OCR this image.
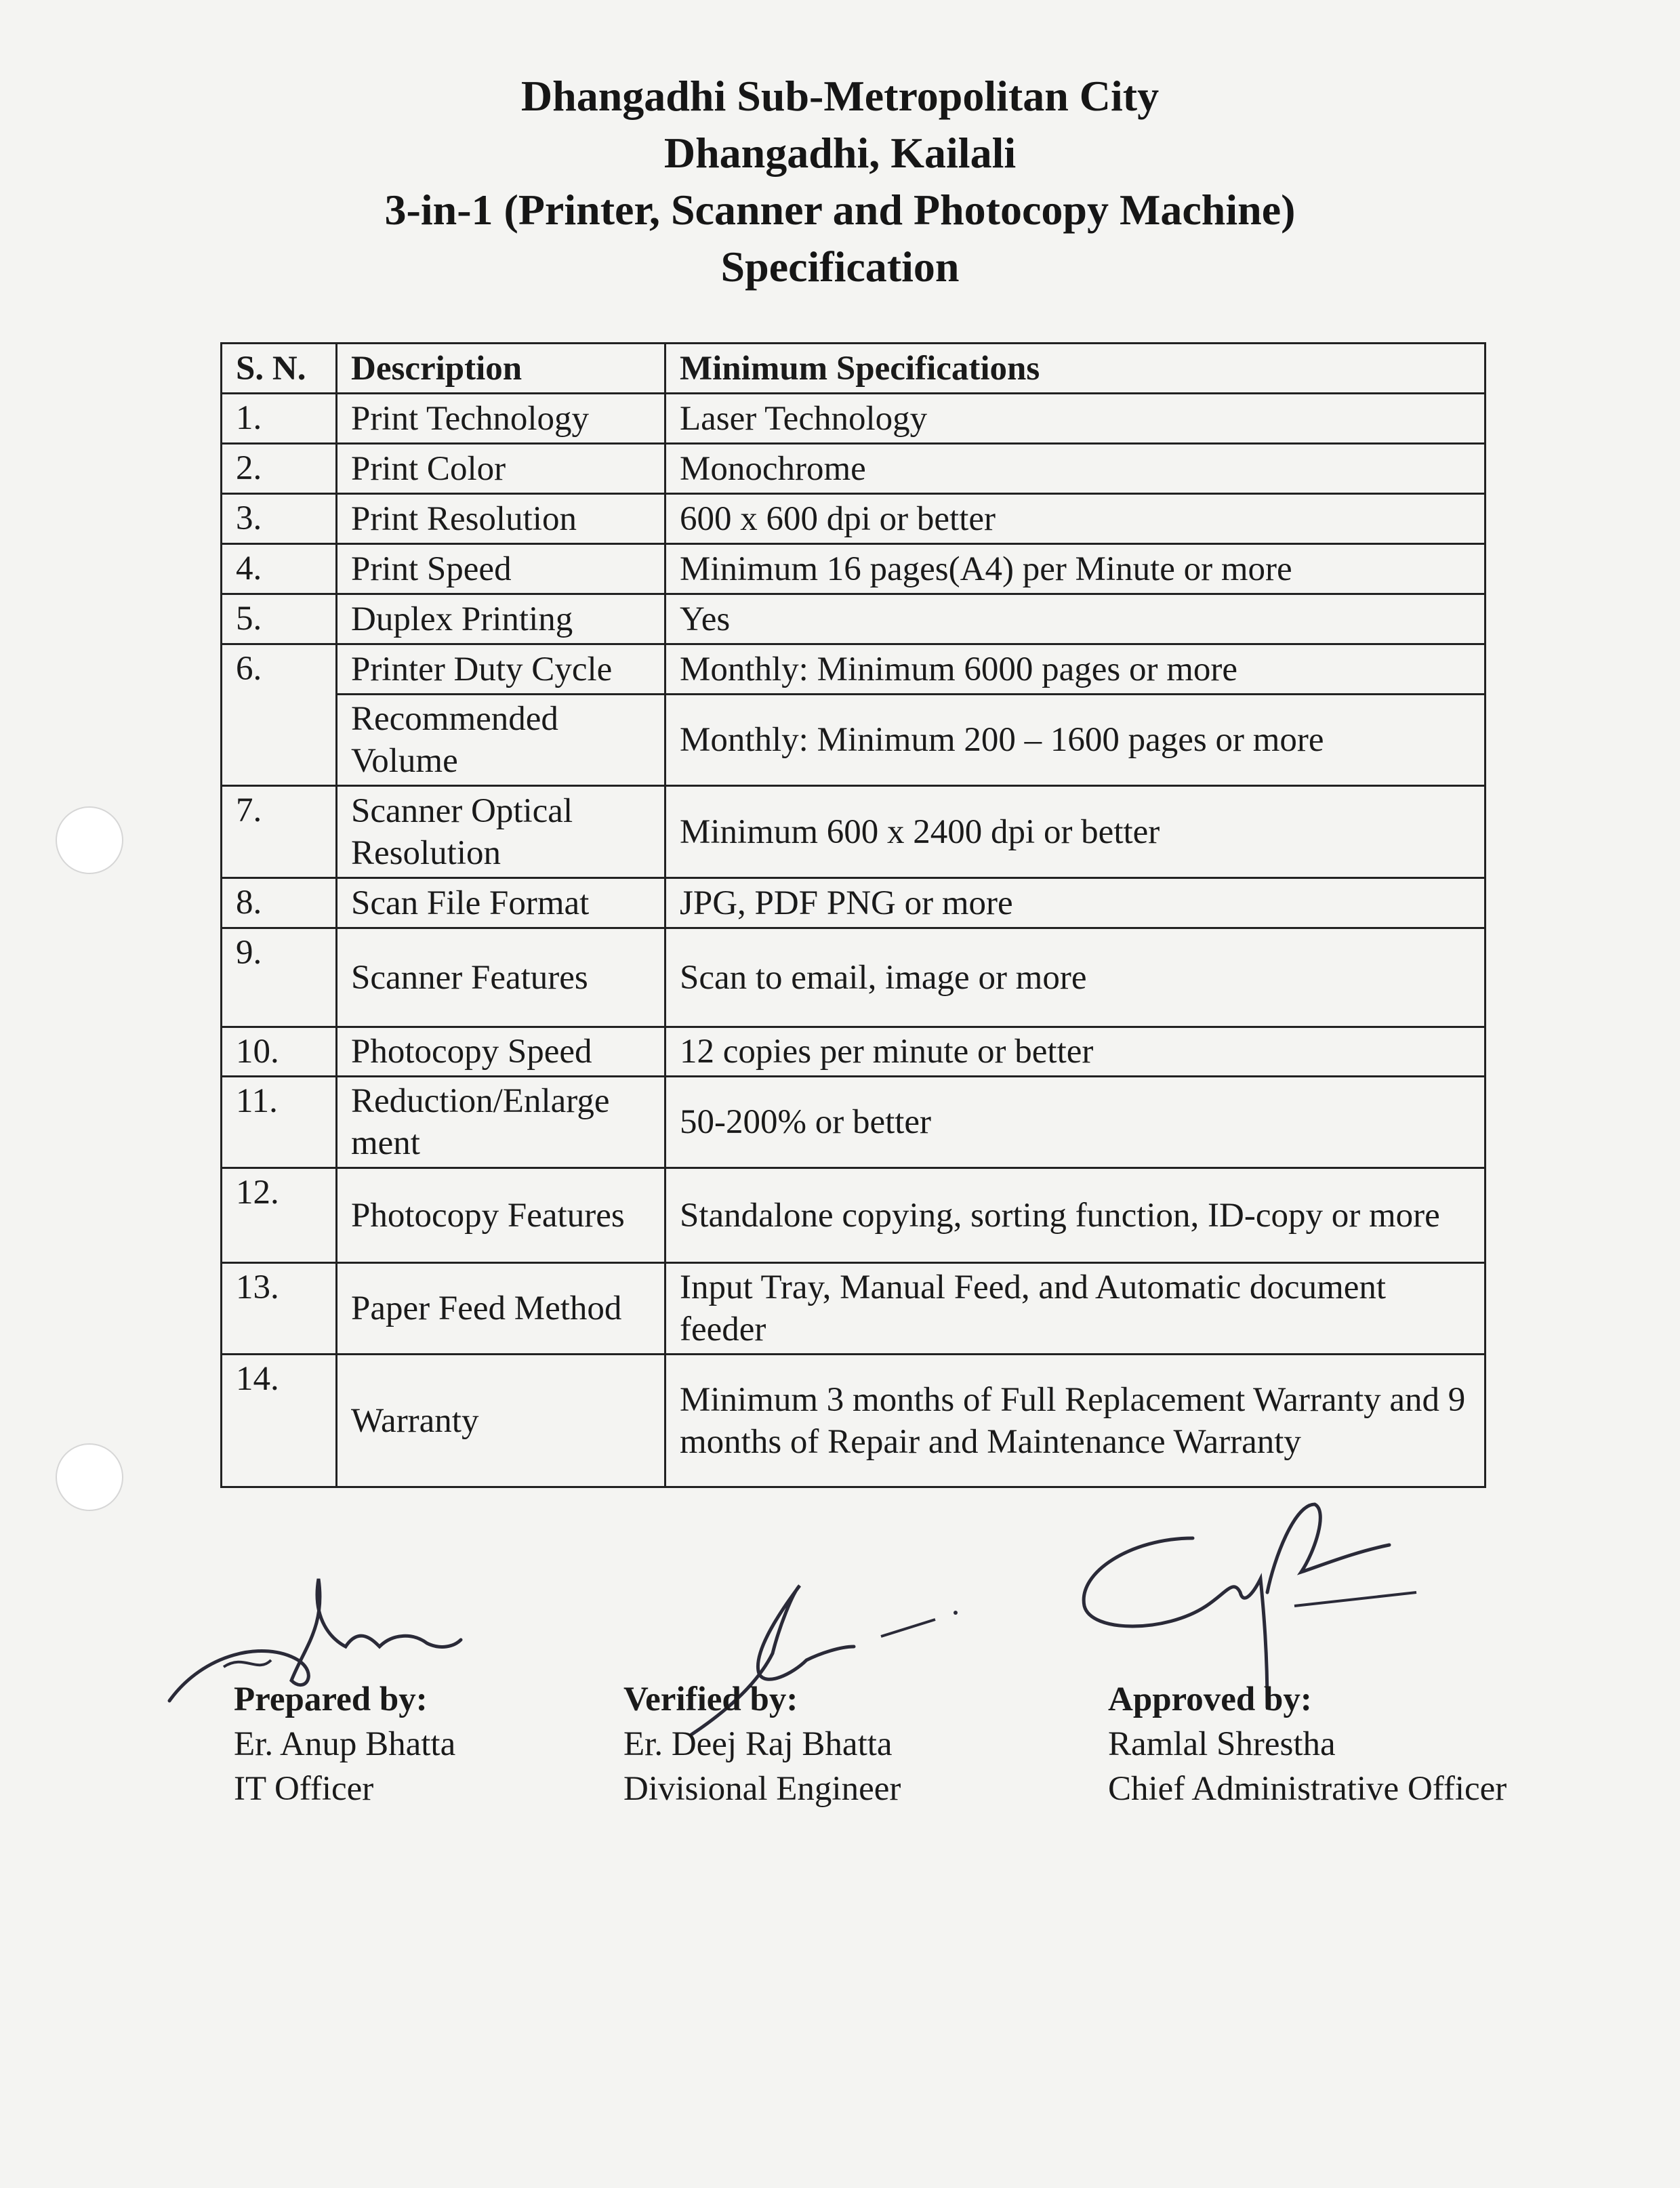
Dhangadhi Sub-Metropolitan City
Dhangadhi, Kailali
3-in-1 (Printer, Scanner and Photocopy Machine)
Specification
S. N.	Description	Minimum Specifications
1.	Print Technology	Laser Technology
2.	Print Color	Monochrome
3.	Print Resolution	600 x 600 dpi or better
4.	Print Speed	Minimum 16 pages(A4) per Minute or more
5.	Duplex Printing	Yes
6.	Printer Duty Cycle	Monthly: Minimum 6000 pages or more
	Recommended Volume	Monthly: Minimum 200 – 1600 pages or more
7.	Scanner Optical Resolution	Minimum 600 x 2400 dpi or better
8.	Scan File Format	JPG, PDF PNG or more
9.	Scanner Features	Scan to email, image or more
10.	Photocopy Speed	12 copies per minute or better
11.	Reduction/Enlarge ment	50-200% or better
12.	Photocopy Features	Standalone copying, sorting function, ID-copy or more
13.	Paper Feed Method	Input Tray, Manual Feed, and Automatic document feeder
14.	Warranty	Minimum 3 months of Full Replacement Warranty and 9 months of Repair and Maintenance Warranty
Prepared by:
Er. Anup Bhatta
IT Officer
Verified by:
Er. Deej Raj Bhatta
Divisional Engineer
Approved by:
Ramlal Shrestha
Chief Administrative Officer
